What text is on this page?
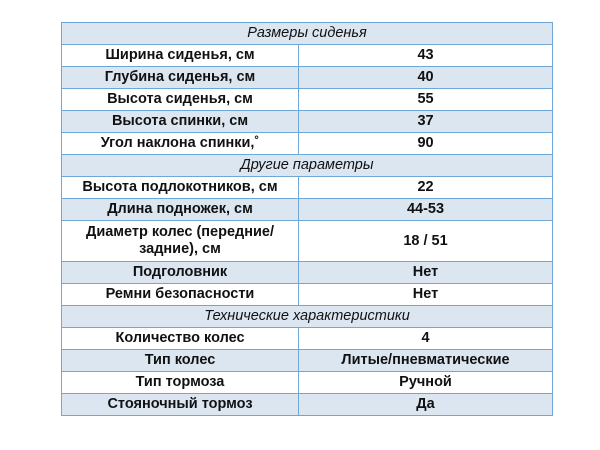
Размеры сиденья	
Ширина сиденья, см	43
Глубина сиденья, см	40
Высота сиденья, см	55
Высота спинки, см	37
Угол наклона спинки,˚	90
Другие параметры	
Высота подлокотников, см	22
Длина подножек, см	44-53
Диаметр колес (передние/задние), см	18 / 51
Подголовник	Нет
Ремни безопасности	Нет
Технические характеристики	
Количество колес	4
Тип колес	Литые/пневматические
Тип тормоза	Ручной
Стояночный тормоз	Да
